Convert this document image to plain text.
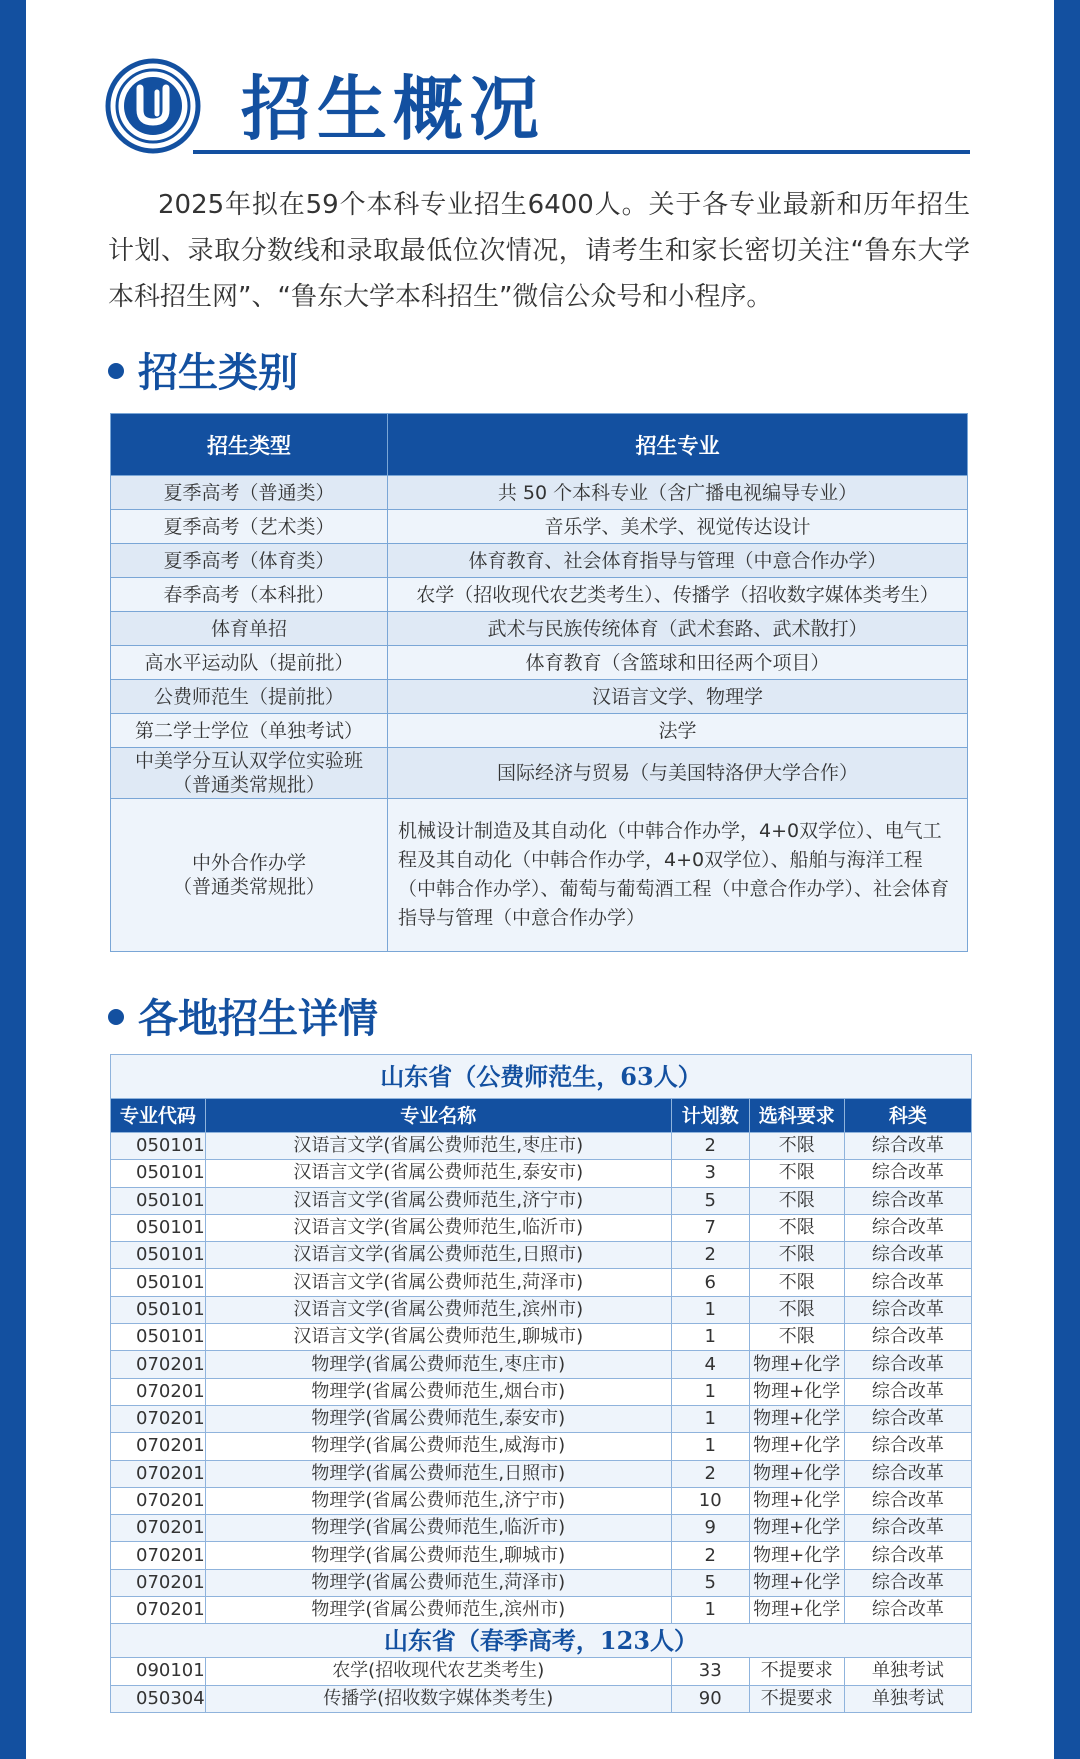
招生概况

2025年拟在59个本科专业招生6400人。关于各专业最新和历年招生计划、录取分数线和录取最低位次情况，请考生和家长密切关注“鲁东大学本科招生网”、“鲁东大学本科招生”微信公众号和小程序。

招生类别
招生类型	招生专业
夏季高考（普通类）	共 50 个本科专业（含广播电视编导专业）
夏季高考（艺术类）	音乐学、美术学、视觉传达设计
夏季高考（体育类）	体育教育、社会体育指导与管理（中意合作办学）
春季高考（本科批）	农学（招收现代农艺类考生）、传播学（招收数字媒体类考生）
体育单招	武术与民族传统体育（武术套路、武术散打）
高水平运动队（提前批）	体育教育（含篮球和田径两个项目）
公费师范生（提前批）	汉语言文学、物理学
第二学士学位（单独考试）	法学

中美学分互认双学位实验班
（普通类常规批）	国际经济与贸易（与美国特洛伊大学合作）

中外合作办学
（普通类常规批）	机械设计制造及其自动化（中韩合作办学，4+0双学位）、电气工程及其自动化（中韩合作办学，4+0双学位）、船舶与海洋工程（中韩合作办学）、葡萄与葡萄酒工程（中意合作办学）、社会体育指导与管理（中意合作办学）
各地招生详情
山东省（公费师范生，63人）				
专业代码	专业名称	计划数	选科要求	科类
050101	汉语言文学(省属公费师范生,枣庄市)	2	不限	综合改革
050101	汉语言文学(省属公费师范生,泰安市)	3	不限	综合改革
050101	汉语言文学(省属公费师范生,济宁市)	5	不限	综合改革
050101	汉语言文学(省属公费师范生,临沂市)	7	不限	综合改革
050101	汉语言文学(省属公费师范生,日照市)	2	不限	综合改革
050101	汉语言文学(省属公费师范生,菏泽市)	6	不限	综合改革
050101	汉语言文学(省属公费师范生,滨州市)	1	不限	综合改革
050101	汉语言文学(省属公费师范生,聊城市)	1	不限	综合改革
070201	物理学(省属公费师范生,枣庄市)	4	物理+化学	综合改革
070201	物理学(省属公费师范生,烟台市)	1	物理+化学	综合改革
070201	物理学(省属公费师范生,泰安市)	1	物理+化学	综合改革
070201	物理学(省属公费师范生,威海市)	1	物理+化学	综合改革
070201	物理学(省属公费师范生,日照市)	2	物理+化学	综合改革
070201	物理学(省属公费师范生,济宁市)	10	物理+化学	综合改革
070201	物理学(省属公费师范生,临沂市)	9	物理+化学	综合改革
070201	物理学(省属公费师范生,聊城市)	2	物理+化学	综合改革
070201	物理学(省属公费师范生,菏泽市)	5	物理+化学	综合改革
070201	物理学(省属公费师范生,滨州市)	1	物理+化学	综合改革
山东省（春季高考，123人）				
090101	农学(招收现代农艺类考生)	33	不提要求	单独考试
050304	传播学(招收数字媒体类考生)	90	不提要求	单独考试
